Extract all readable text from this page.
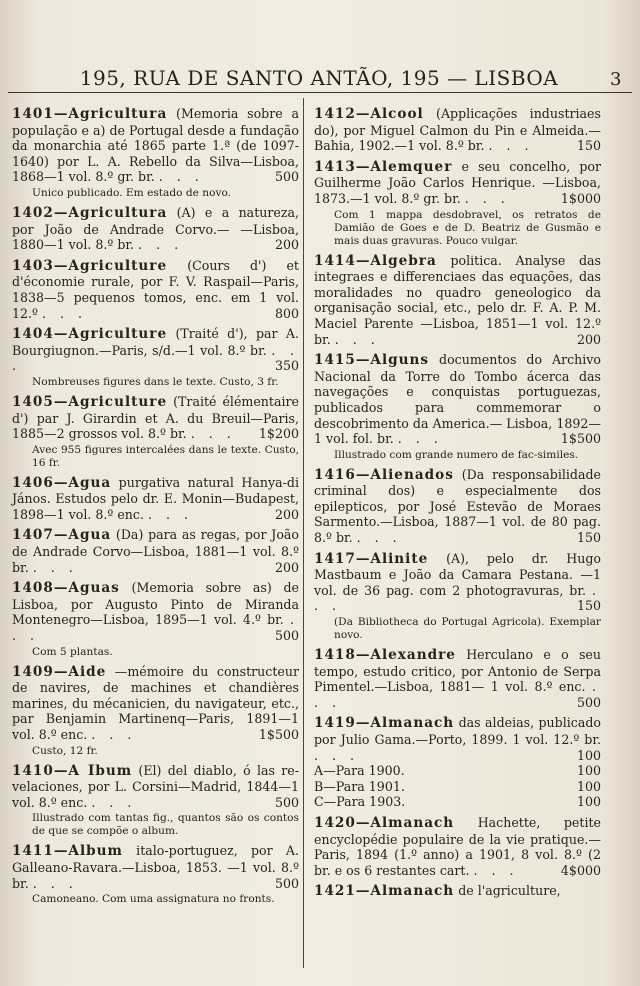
195, RUA DE SANTO ANTÃO, 195 — LISBOA	3
1401—Agricultura (Memoria sobre a população e a) de Portugal desde a fundação da monarchia até 1865 parte 1.ª (de 1097-1640) por L. A. Rebello da Silva—Lisboa, 1868—1 vol. 8.º gr. br. . . .	500
Unico publicado. Em estado de novo.
1402—Agricultura (A) e a natureza, por João de Andrade Corvo.— —Lisboa, 1880—1 vol. 8.º br. . . .	200
1403—Agriculture (Cours d') et d'économie rurale, por F. V. Raspail—Paris, 1838—5 pequenos tomos, enc. em 1 vol. 12.º . . .	800
1404—Agriculture (Traité d'), par A. Bourgiugnon.—Paris, s/d.—1 vol. 8.º br. . . .	350
Nombreuses figures dans le texte. Custo, 3 fr.
1405—Agriculture (Traité élémentaire d') par J. Girardin et A. du Breuil—Paris, 1885—2 grossos vol. 8.º br. . . . 1$200
Avec 955 figures intercalées dans le texte. Custo, 16 fr.
1406—Agua purgativa natural Hanya-di János. Estudos pelo dr. E. Monin—Budapest, 1898—1 vol. 8.º enc. . . .	200
1407—Agua (Da) para as regas, por João de Andrade Corvo—Lisboa, 1881—1 vol. 8.º br. . . .	200
1408—Aguas (Memoria sobre as) de Lisboa, por Augusto Pinto de Miranda Montenegro—Lisboa, 1895—1 vol. 4.º br. . . .	500
Com 5 plantas.
1409—Aide —mémoire du constructeur de navires, de machines et chandières marines, du mécanicien, du navigateur, etc., par Benjamin Martinenq—Paris, 1891—1 vol. 8.º enc. . . .	1$500
Custo, 12 fr.
1410—A Ibum (El) del diablo, ó las re-velaciones, por L. Corsini—Madrid, 1844—1 vol. 8.º enc. . . .	500
Illustrado com tantas fig., quantos são os contos de que se compõe o album.
1411—Album italo-portuguez, por A. Galleano-Ravara.—Lisboa, 1853. —1 vol. 8.º br. . . .	500
Camoneano. Com uma assignatura no fronts.
1412—Alcool (Applicações industriaes do), por Miguel Calmon du Pin e Almeida.—Bahia, 1902.—1 vol. 8.º br. . . .	150
1413—Alemquer e seu concelho, por Guilherme João Carlos Henrique. —Lisboa, 1873.—1 vol. 8.º gr. br. . . .	1$000
Com 1 mappa desdobravel, os retratos de Damião de Goes e de D. Beatriz de Gusmão e mais duas gravuras. Pouco vulgar.
1414—Algebra politica. Analyse das integraes e differenciaes das equações, das moralidades no quadro geneologico da organisação social, etc., pelo dr. F. A. P. M. Maciel Parente —Lisboa, 1851—1 vol. 12.º br. . . .	200
1415—Alguns documentos do Archivo Nacional da Torre do Tombo ácerca das navegações e conquistas portuguezas, publicados para commemorar o descobrimento da America.— Lisboa, 1892—1 vol. fol. br. . . .	1$500
Illustrado com grande numero de fac-similes.
1416—Alienados (Da responsabilidade criminal dos) e especialmente dos epilepticos, por José Estevão de Moraes Sarmento.—Lisboa, 1887—1 vol. de 80 pag. 8.º br. . . .	150
1417—Alinite (A), pelo dr. Hugo Mastbaum e João da Camara Pestana. —1 vol. de 36 pag. com 2 photogravuras, br. . . .	150
(Da Bibliotheca do Portugal Agricola). Exemplar novo.
1418—Alexandre Herculano e o seu tempo, estudo critico, por Antonio de Serpa Pimentel.—Lisboa, 1881— 1 vol. 8.º enc. . . .	500
1419—Almanach das aldeias, publicado por Julio Gama.—Porto, 1899. 1 vol. 12.º br. . . .	100
A—Para 1900.	100
B—Para 1901.	100
C—Para 1903.	100
1420—Almanach Hachette, petite encyclopédie populaire de la vie pratique.—Paris, 1894 (1.º anno) a 1901, 8 vol. 8.º (2 br. e os 6 restantes cart. . . .	4$000
1421—Almanach de l'agriculture,
